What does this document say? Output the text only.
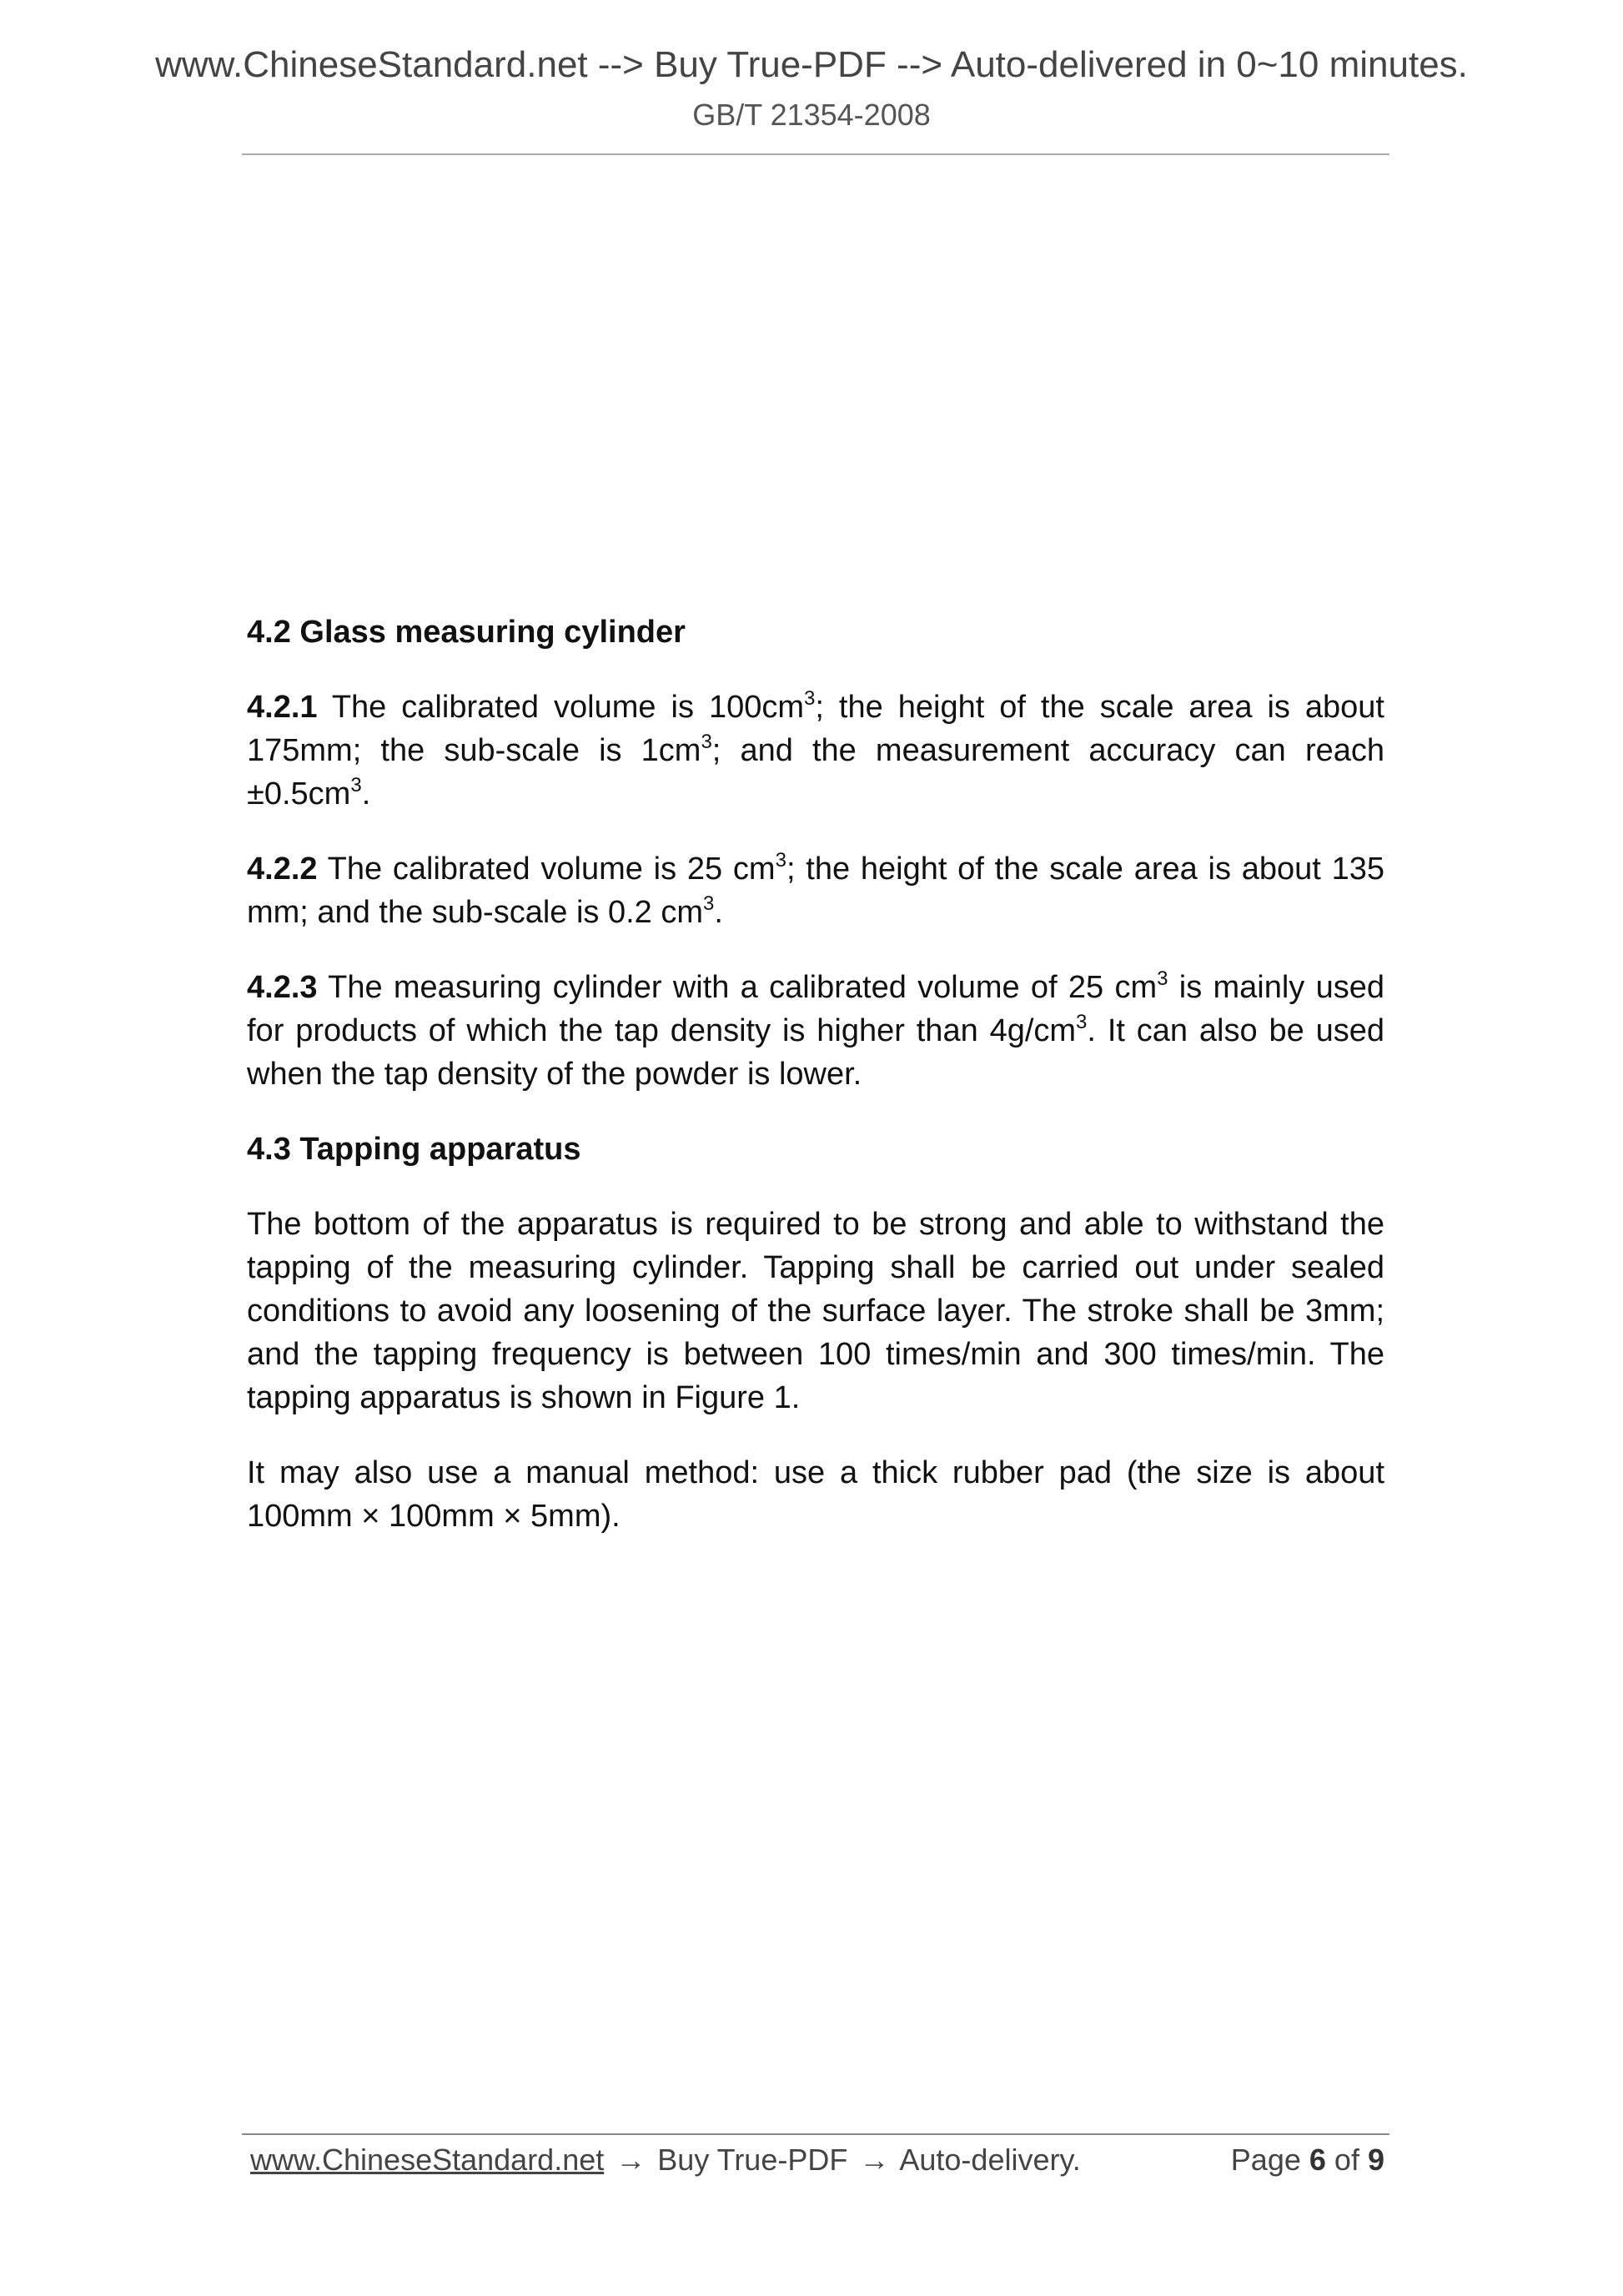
www.ChineseStandard.net --> Buy True-PDF --> Auto-delivered in 0~10 minutes.
GB/T 21354-2008
4.2 Glass measuring cylinder
4.2.1 The calibrated volume is $100cm^3$; the height of the scale area is about 175mm; the sub-scale is $1cm^3$; and the measurement accuracy can reach $\pm 0.5cm^3$.
4.2.2 The calibrated volume is 25 $cm^3$; the height of the scale area is about 135 mm; and the sub-scale is 0.2 $cm^3$.
4.2.3 The measuring cylinder with a calibrated volume of 25 $cm^3$ is mainly used for products of which the tap density is higher than $4g/cm^3$. It can also be used when the tap density of the powder is lower.
4.3 Tapping apparatus
The bottom of the apparatus is required to be strong and able to withstand the tapping of the measuring cylinder. Tapping shall be carried out under sealed conditions to avoid any loosening of the surface layer. The stroke shall be 3mm; and the tapping frequency is between 100 times/min and 300 times/min. The tapping apparatus is shown in Figure 1.
It may also use a manual method: use a thick rubber pad (the size is about 100mm × 100mm × 5mm).
www.ChineseStandard.net → Buy True-PDF → Auto-delivery.	Page 6 of 9
